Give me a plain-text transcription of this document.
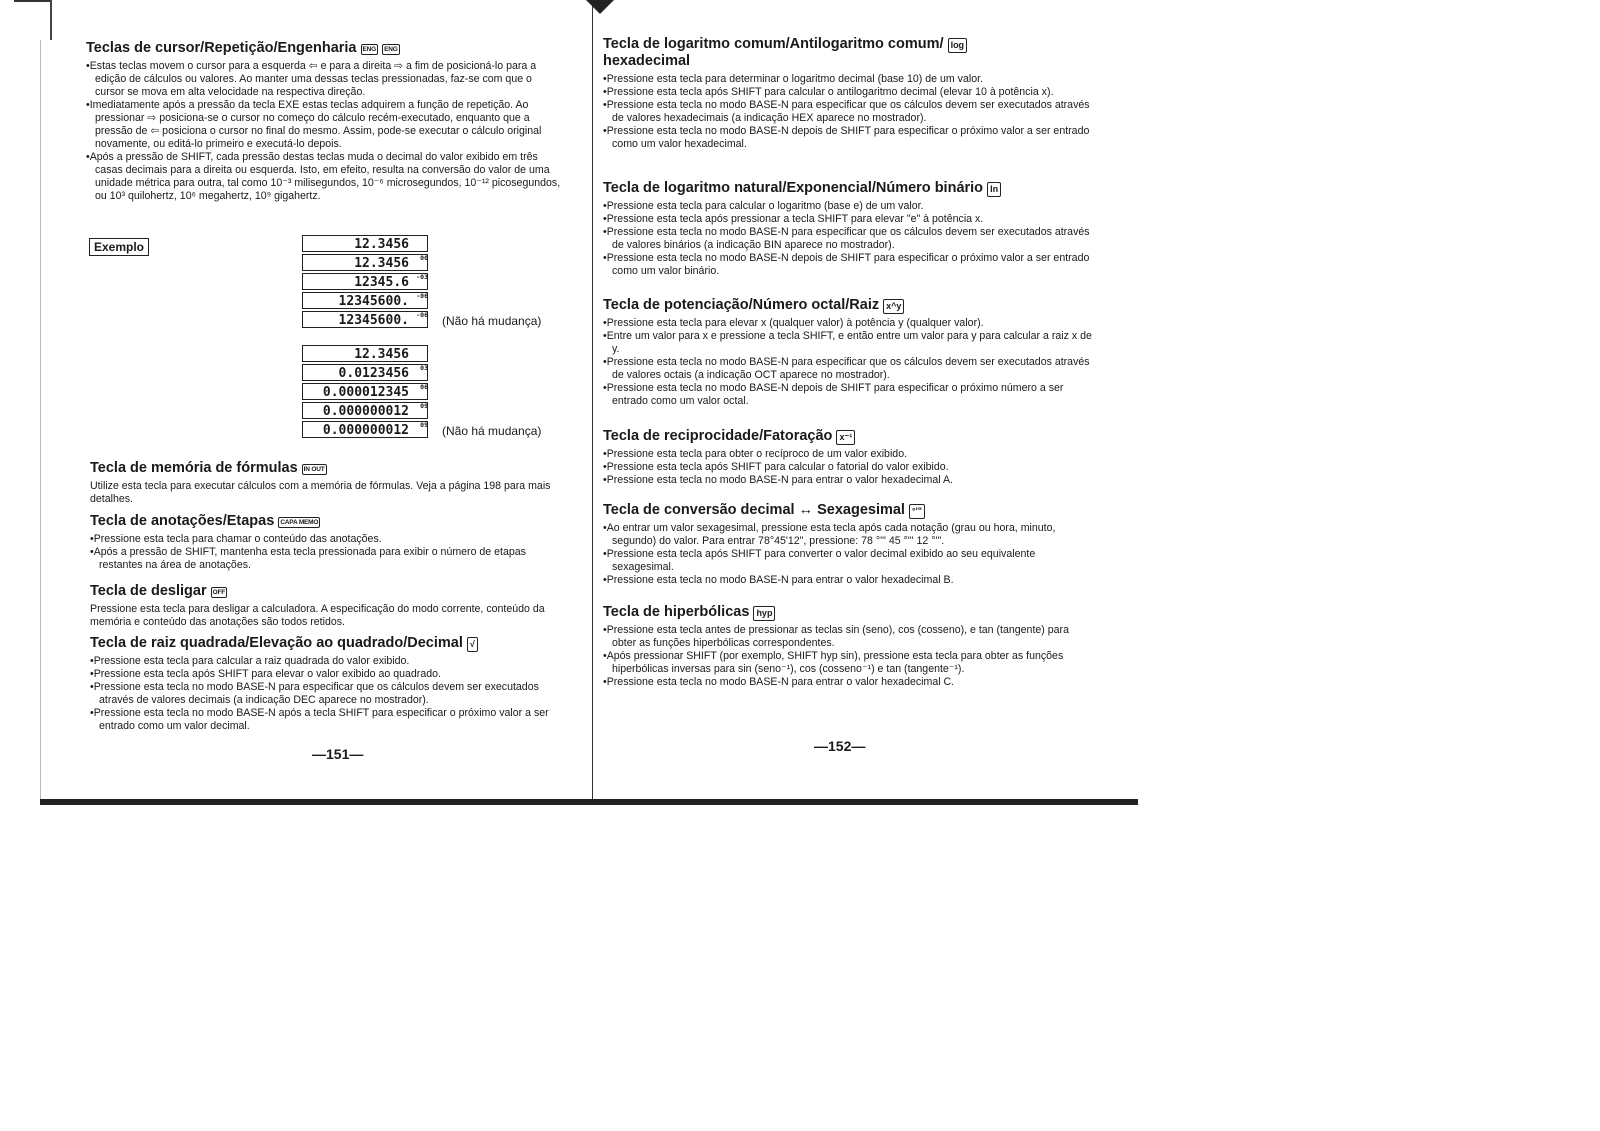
Teclas de cursor/Repetição/Engenharia ENG ENG

•Estas teclas movem o cursor para a esquerda ⇦ e para a direita ⇨ a fim de posicioná-lo para a edição de cálculos ou valores. Ao manter uma dessas teclas pressionadas, faz-se com que o cursor se mova em alta velocidade na respectiva direção.

•Imediatamente após a pressão da tecla EXE estas teclas adquirem a função de repetição. Ao pressionar ⇨ posiciona-se o cursor no começo do cálculo recém-executado, enquanto que a pressão de ⇦ posiciona o cursor no final do mesmo. Assim, pode-se executar o cálculo original novamente, ou editá-lo primeiro e executá-lo depois.

•Após a pressão de SHIFT, cada pressão destas teclas muda o decimal do valor exibido em três casas decimais para a direita ou esquerda. Isto, em efeito, resulta na conversão do valor de uma unidade métrica para outra, tal como 10⁻³ milisegundos, 10⁻⁶ microsegundos, 10⁻¹² picosegundos, ou 10³ quilohertz, 10⁶ megahertz, 10⁹ gigahertz.

Exemplo	12.3456
12.3456 00
12345.6 -03
12345600. -06
12345600. -06 (Não há mudança)
12.3456
0.0123456 03
0.000012345 06
0.000000012 09
0.000000012 09 (Não há mudança)
Tecla de memória de fórmulas IN OUT

Utilize esta tecla para executar cálculos com a memória de fórmulas. Veja a página 198 para mais detalhes.

Tecla de anotações/Etapas CAPA MEMO

•Pressione esta tecla para chamar o conteúdo das anotações.

•Após a pressão de SHIFT, mantenha esta tecla pressionada para exibir o número de etapas restantes na área de anotações.

Tecla de desligar OFF

Pressione esta tecla para desligar a calculadora. A especificação do modo corrente, conteúdo da memória e conteúdo das anotações são todos retidos.

Tecla de raiz quadrada/Elevação ao quadrado/Decimal √

•Pressione esta tecla para calcular a raiz quadrada do valor exibido.

•Pressione esta tecla após SHIFT para elevar o valor exibido ao quadrado.

•Pressione esta tecla no modo BASE-N para especificar que os cálculos devem ser executados através de valores decimais (a indicação DEC aparece no mostrador).

•Pressione esta tecla no modo BASE-N após a tecla SHIFT para especificar o próximo valor a ser entrado como um valor decimal.

—151—
Tecla de logaritmo comum/Antilogaritmo comum/ log
hexadecimal

•Pressione esta tecla para determinar o logaritmo decimal (base 10) de um valor.

•Pressione esta tecla após SHIFT para calcular o antilogaritmo decimal (elevar 10 à potência x).

•Pressione esta tecla no modo BASE-N para especificar que os cálculos devem ser executados através de valores hexadecimais (a indicação HEX aparece no mostrador).

•Pressione esta tecla no modo BASE-N depois de SHIFT para especificar o próximo valor a ser entrado como um valor hexadecimal.

Tecla de logaritmo natural/Exponencial/Número binário ln

•Pressione esta tecla para calcular o logaritmo (base e) de um valor.

•Pressione esta tecla após pressionar a tecla SHIFT para elevar "e" à potência x.

•Pressione esta tecla no modo BASE-N para especificar que os cálculos devem ser executados através de valores binários (a indicação BIN aparece no mostrador).

•Pressione esta tecla no modo BASE-N depois de SHIFT para especificar o próximo valor a ser entrado como um valor binário.

Tecla de potenciação/Número octal/Raiz x^y

•Pressione esta tecla para elevar x (qualquer valor) à potência y (qualquer valor).

•Entre um valor para x e pressione a tecla SHIFT, e então entre um valor para y para calcular a raiz x de y.

•Pressione esta tecla no modo BASE-N para especificar que os cálculos devem ser executados através de valores octais (a indicação OCT aparece no mostrador).

•Pressione esta tecla no modo BASE-N depois de SHIFT para especificar o próximo número a ser entrado como um valor octal.

Tecla de reciprocidade/Fatoração x⁻¹

•Pressione esta tecla para obter o recíproco de um valor exibido.

•Pressione esta tecla após SHIFT para calcular o fatorial do valor exibido.

•Pressione esta tecla no modo BASE-N para entrar o valor hexadecimal A.

Tecla de conversão decimal ↔ Sexagesimal °'"

•Ao entrar um valor sexagesimal, pressione esta tecla após cada notação (grau ou hora, minuto, segundo) do valor. Para entrar 78°45'12", pressione: 78 °'" 45 °'" 12 °'".

•Pressione esta tecla após SHIFT para converter o valor decimal exibido ao seu equivalente sexagesimal.

•Pressione esta tecla no modo BASE-N para entrar o valor hexadecimal B.

Tecla de hiperbólicas hyp

•Pressione esta tecla antes de pressionar as teclas sin (seno), cos (cosseno), e tan (tangente) para obter as funções hiperbólicas correspondentes.

•Após pressionar SHIFT (por exemplo, SHIFT hyp sin), pressione esta tecla para obter as funções hiperbólicas inversas para sin (seno⁻¹), cos (cosseno⁻¹) e tan (tangente⁻¹).

•Pressione esta tecla no modo BASE-N para entrar o valor hexadecimal C.

—152—
